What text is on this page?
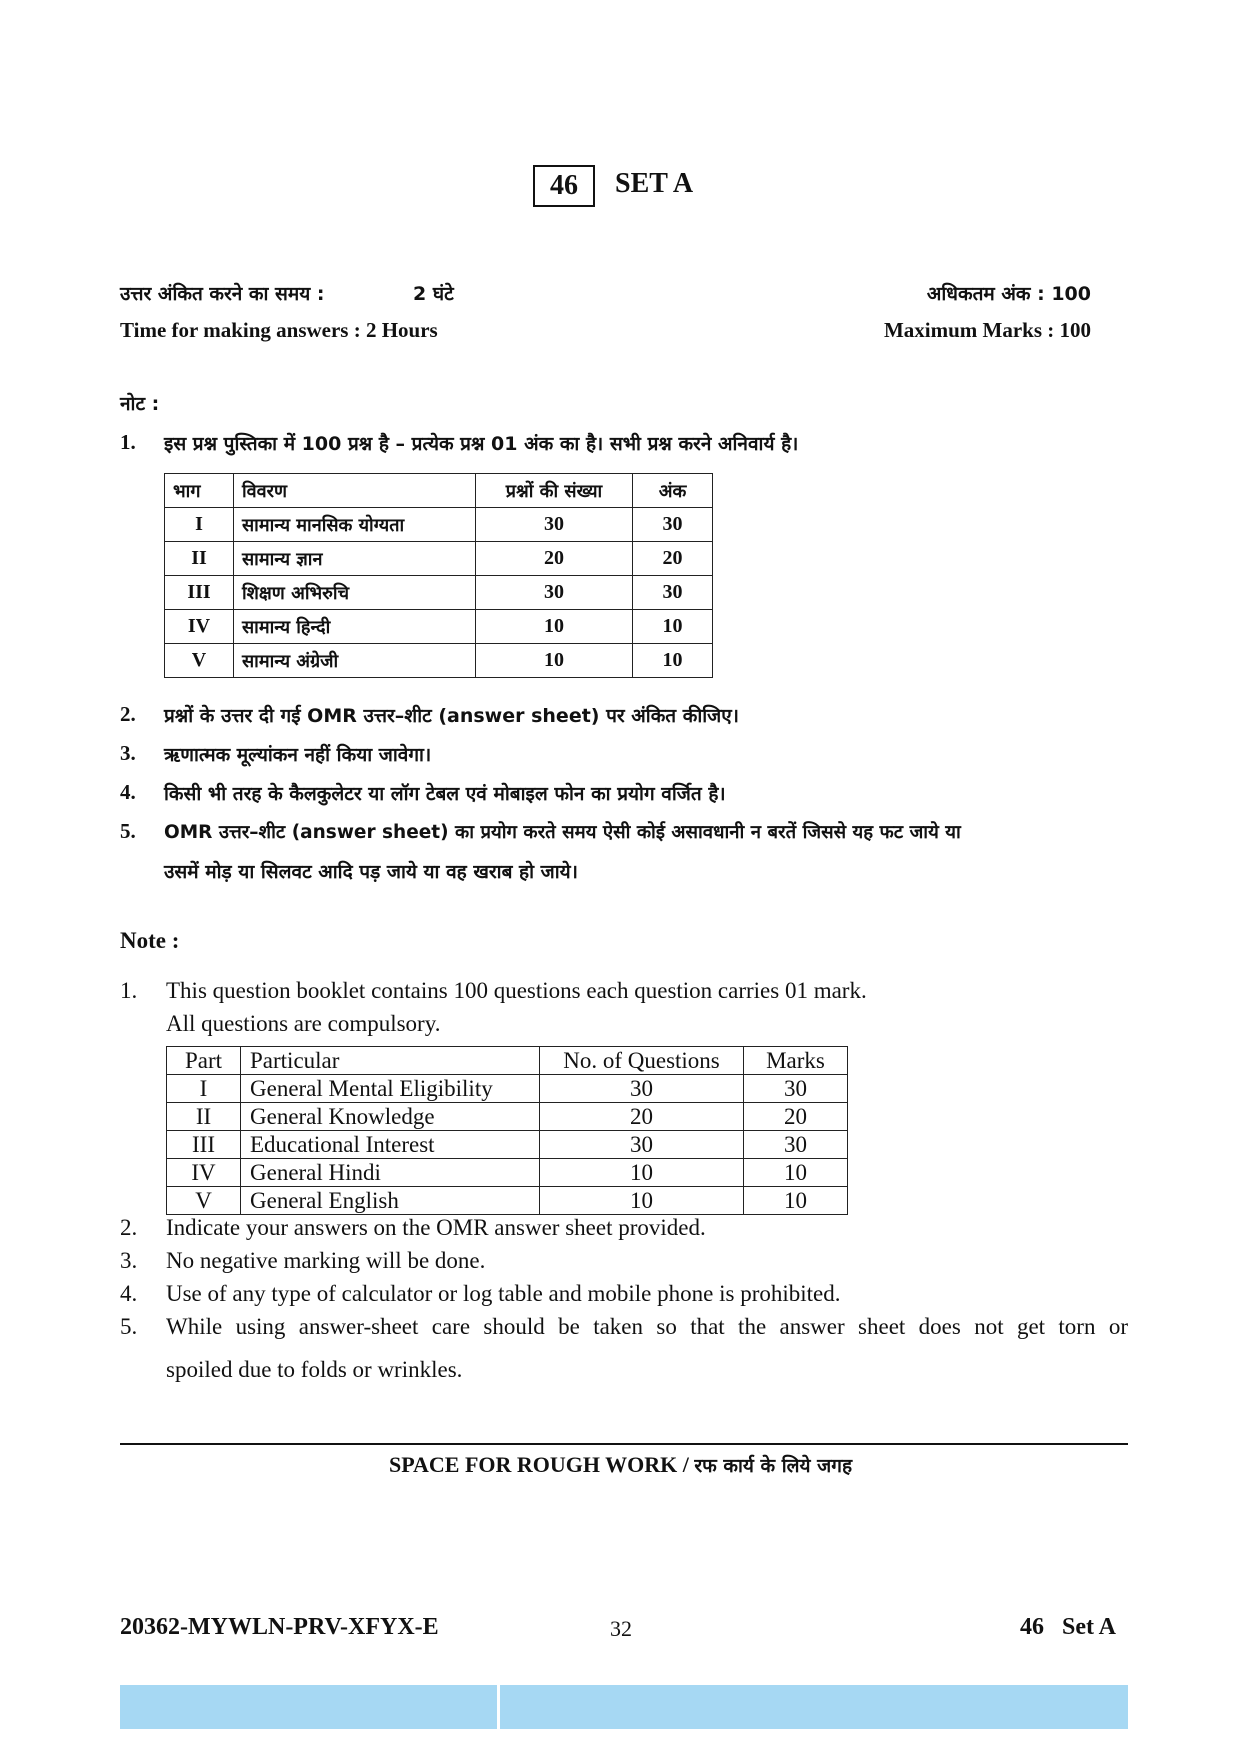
46 SET A
उत्तर अंकित करने का समय :	2 घंटे	अधिकतम अंक : 100
Time for making answers : 2 Hours	Maximum Marks : 100
नोट :
1. इस प्रश्न पुस्तिका में 100 प्रश्न है – प्रत्येक प्रश्न 01 अंक का है। सभी प्रश्न करने अनिवार्य है।
भाग	विवरण	प्रश्नों की संख्या	अंक
I	सामान्य मानसिक योग्यता	30	30
II	सामान्य ज्ञान	20	20
III	शिक्षण अभिरुचि	30	30
IV	सामान्य हिन्दी	10	10
V	सामान्य अंग्रेजी	10	10
2. प्रश्नों के उत्तर दी गई OMR उत्तर–शीट (answer sheet) पर अंकित कीजिए।
3. ऋणात्मक मूल्यांकन नहीं किया जावेगा।
4. किसी भी तरह के कैलकुलेटर या लॉग टेबल एवं मोबाइल फोन का प्रयोग वर्जित है।
5. OMR उत्तर–शीट (answer sheet) का प्रयोग करते समय ऐसी कोई असावधानी न बरतें जिससे यह फट जाये या
उसमें मोड़ या सिलवट आदि पड़ जाये या वह खराब हो जाये।
Note :
1. This question booklet contains 100 questions each question carries 01 mark.
All questions are compulsory.
Part	Particular	No. of Questions	Marks
I	General Mental Eligibility	30	30
II	General Knowledge	20	20
III	Educational Interest	30	30
IV	General Hindi	10	10
V	General English	10	10
2. Indicate your answers on the OMR answer sheet provided.
3. No negative marking will be done.
4. Use of any type of calculator or log table and mobile phone is prohibited.
5. While using answer-sheet care should be taken so that the answer sheet does not get torn or
spoiled due to folds or wrinkles.
SPACE FOR ROUGH WORK / रफ कार्य के लिये जगह
20362-MYWLN-PRV-XFYX-E	32	46   Set A
